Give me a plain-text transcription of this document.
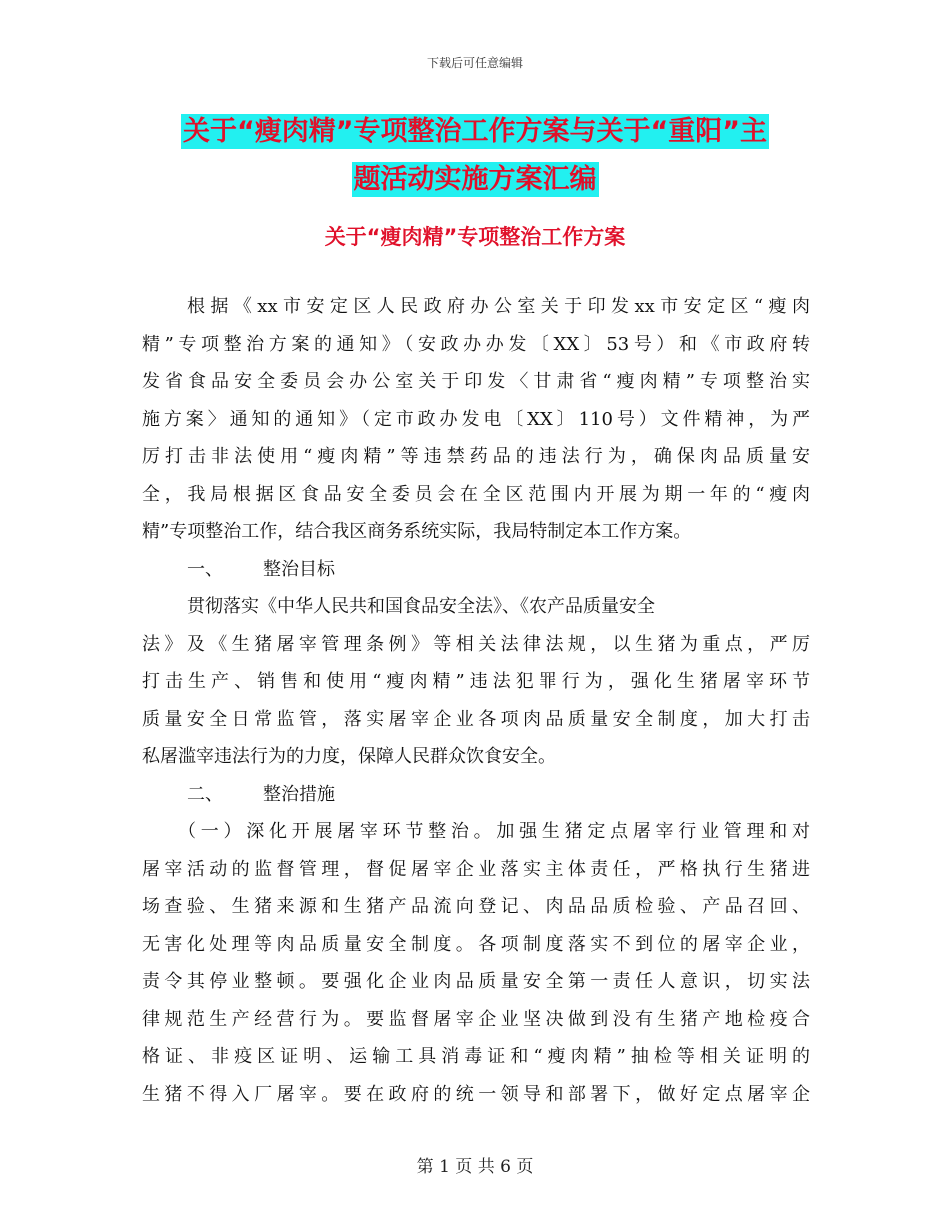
下载后可任意编辑
关于“瘦肉精”专项整治工作方案与关于“重阳”主
题活动实施方案汇编
关于“瘦肉精”专项整治工作方案
根据《xx市安定区人民政府办公室关于印发xx市安定区“瘦肉
精”专项整治方案的通知》（安政办办发〔XX〕53号）和《市政府转
发省食品安全委员会办公室关于印发〈甘肃省“瘦肉精”专项整治实
施方案〉通知的通知》（定市政办发电〔XX〕110号）文件精神，为严
厉打击非法使用“瘦肉精”等违禁药品的违法行为，确保肉品质量安
全，我局根据区食品安全委员会在全区范围内开展为期一年的“瘦肉
精”专项整治工作，结合我区商务系统实际，我局特制定本工作方案。
一、 整治目标
贯彻落实《中华人民共和国食品安全法》、《农产品质量安全
法》及《生猪屠宰管理条例》等相关法律法规，以生猪为重点，严厉
打击生产、销售和使用“瘦肉精”违法犯罪行为，强化生猪屠宰环节
质量安全日常监管，落实屠宰企业各项肉品质量安全制度，加大打击
私屠滥宰违法行为的力度，保障人民群众饮食安全。
二、 整治措施
（一）深化开展屠宰环节整治。加强生猪定点屠宰行业管理和对
屠宰活动的监督管理，督促屠宰企业落实主体责任，严格执行生猪进
场查验、生猪来源和生猪产品流向登记、肉品品质检验、产品召回、
无害化处理等肉品质量安全制度。各项制度落实不到位的屠宰企业，
责令其停业整顿。要强化企业肉品质量安全第一责任人意识，切实法
律规范生产经营行为。要监督屠宰企业坚决做到没有生猪产地检疫合
格证、非疫区证明、运输工具消毒证和“瘦肉精”抽检等相关证明的
生猪不得入厂屠宰。要在政府的统一领导和部署下，做好定点屠宰企
第 1 页 共 6 页
